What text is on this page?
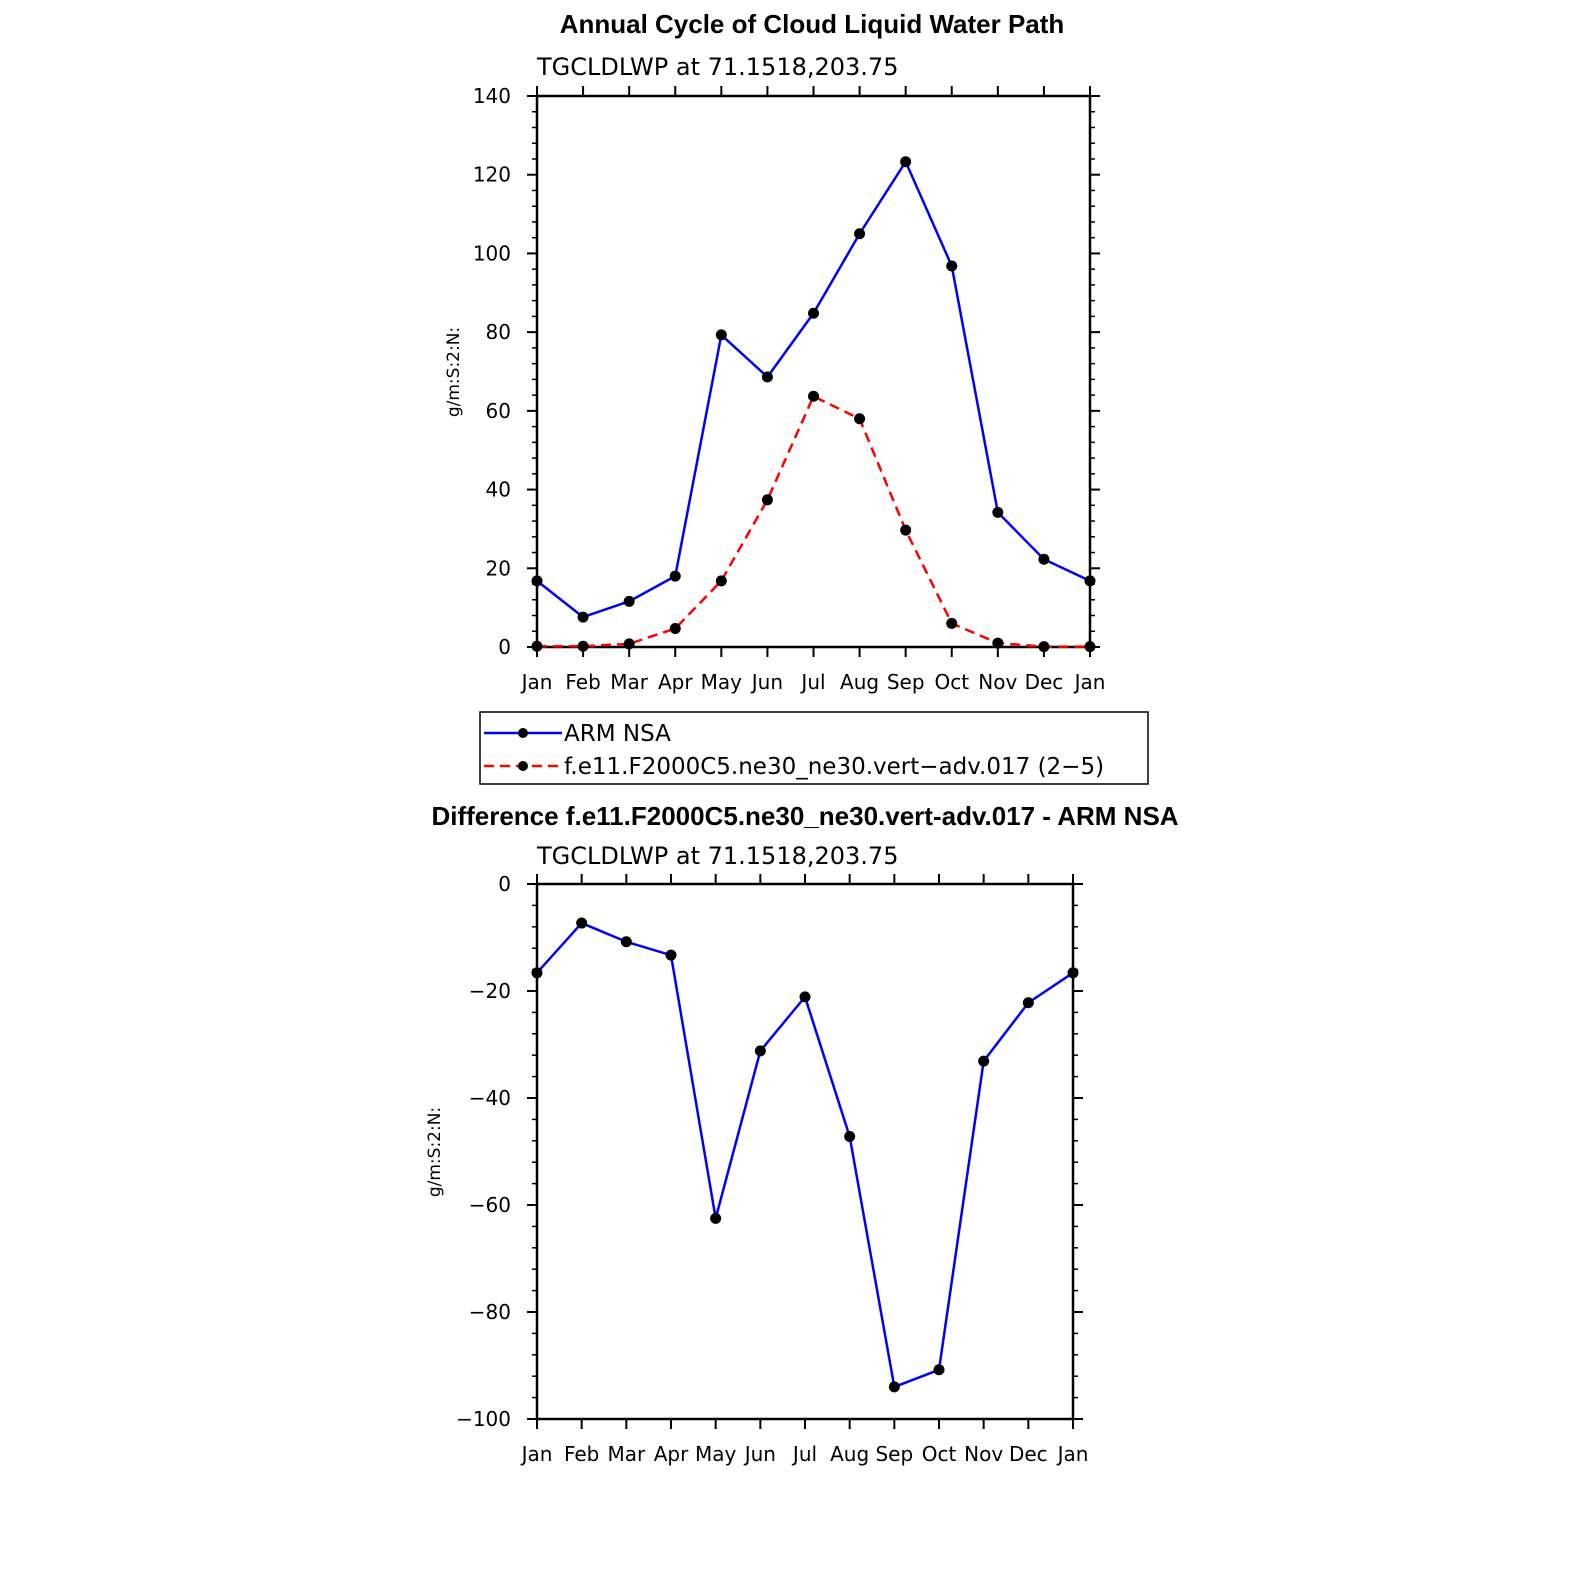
Annual Cycle of Cloud Liquid Water Path
TGCLDLWP at 71.1518,203.75
g/m:S:2:N:
Jan Feb Mar Apr May Jun Jul Aug Sep Oct Nov Dec Jan
0
20
40
60
80
100
120
140
ARM NSA
f.e11.F2000C5.ne30_ne30.vert−adv.017 (2−5)
Difference f.e11.F2000C5.ne30_ne30.vert-adv.017 - ARM NSA
TGCLDLWP at 71.1518,203.75
g/m:S:2:N:
Jan Feb Mar Apr May Jun Jul Aug Sep Oct Nov Dec Jan
0
−20
−40
−60
−80
−100
